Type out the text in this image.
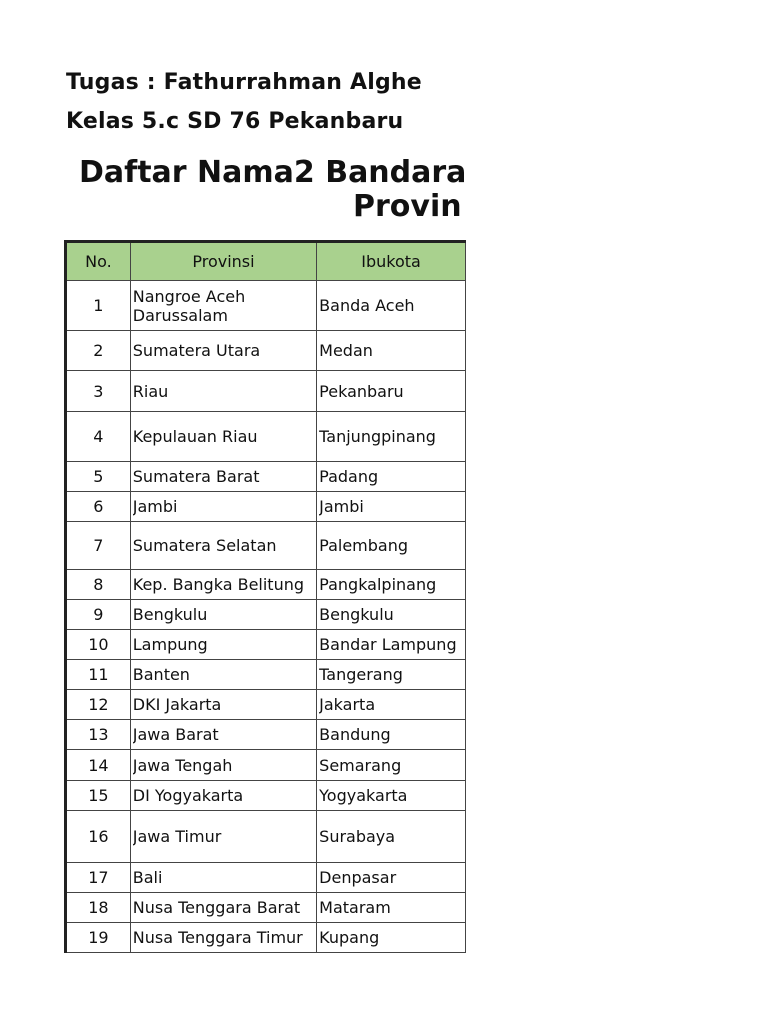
Tugas : Fathurrahman Alghe
Kelas 5.c SD 76 Pekanbaru
Daftar Nama2 Bandara
Provin
No.	Provinsi	Ibukota
1	Nangroe Aceh Darussalam	Banda Aceh

2	Sumatera Utara	Medan

3	Riau	Pekanbaru

4	Kepulauan Riau	Tanjungpinang

5	Sumatera Barat	Padang

6	Jambi	Jambi

7	Sumatera Selatan	Palembang

8	Kep. Bangka Belitung	Pangkalpinang

9	Bengkulu	Bengkulu

10	Lampung	Bandar Lampung

11	Banten	Tangerang

12	DKI Jakarta	Jakarta

13	Jawa Barat	Bandung

14	Jawa Tengah	Semarang

15	DI Yogyakarta	Yogyakarta

16	Jawa Timur	Surabaya

17	Bali	Denpasar

18	Nusa Tenggara Barat	Mataram

19	Nusa Tenggara Timur	Kupang
